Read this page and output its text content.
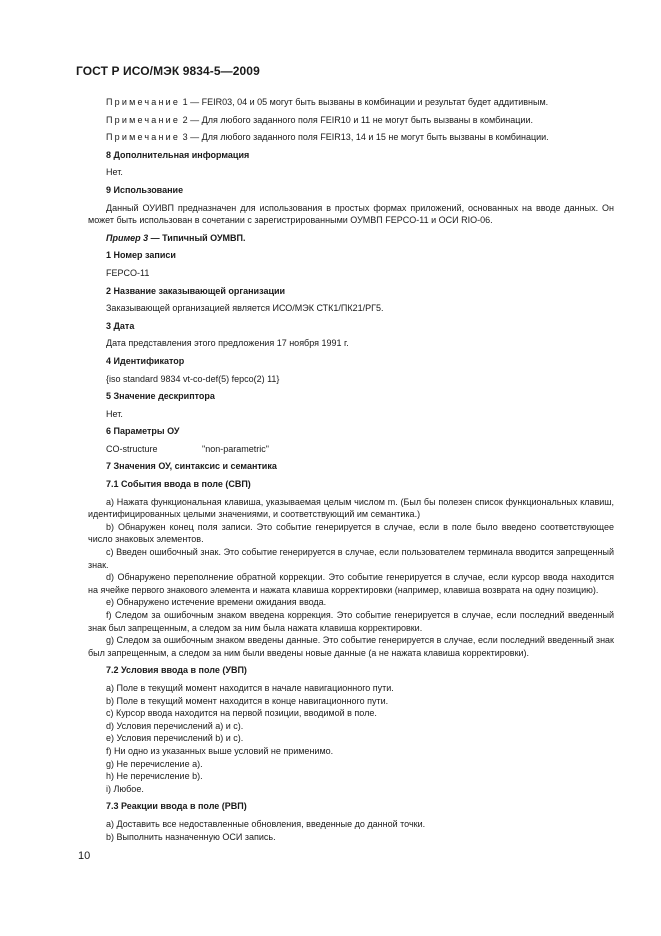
ГОСТ Р ИСО/МЭК 9834-5—2009

Примечание 1 — FEIR03, 04 и 05 могут быть вызваны в комбинации и результат будет аддитивным.

Примечание 2 — Для любого заданного поля FEIR10 и 11 не могут быть вызваны в комбинации.

Примечание 3 — Для любого заданного поля FEIR13, 14 и 15 не могут быть вызваны в комбинации.

8 Дополнительная информация

Нет.

9 Использование

Данный ОУИВП предназначен для использования в простых формах приложений, основанных на вводе данных. Он может быть использован в сочетании с зарегистрированными ОУМВП FEPCO-11 и ОСИ RIO-06.

Пример 3 — Типичный ОУМВП.

1 Номер записи

FEPCO-11

2 Название заказывающей организации

Заказывающей организацией является ИСО/МЭК СТК1/ПК21/РГ5.

3 Дата

Дата представления этого предложения 17 ноября 1991 г.

4 Идентификатор

{iso standard 9834 vt-co-def(5) fepco(2) 11}

5 Значение дескриптора

Нет.

6 Параметры ОУ

CO-structure	"non-parametric"

7 Значения ОУ, синтаксис и семантика

7.1 События ввода в поле (СВП)

a) Нажата функциональная клавиша, указываемая целым числом m. (Был бы полезен список функциональных клавиш, идентифицированных целыми значениями, и соответствующий им семантика.)

b) Обнаружен конец поля записи. Это событие генерируется в случае, если в поле было введено соответствующее число знаковых элементов.

c) Введен ошибочный знак. Это событие генерируется в случае, если пользователем терминала вводится запрещенный знак.

d) Обнаружено переполнение обратной коррекции. Это событие генерируется в случае, если курсор ввода находится на ячейке первого знакового элемента и нажата клавиша корректировки (например, клавиша возврата на одну позицию).

e) Обнаружено истечение времени ожидания ввода.

f) Следом за ошибочным знаком введена коррекция. Это событие генерируется в случае, если последний введенный знак был запрещенным, а следом за ним была нажата клавиша корректировки.

g) Следом за ошибочным знаком введены данные. Это событие генерируется в случае, если последний введенный знак был запрещенным, а следом за ним были введены новые данные (а не нажата клавиша корректировки).

7.2 Условия ввода в поле (УВП)

a) Поле в текущий момент находится в начале навигационного пути.

b) Поле в текущий момент находится в конце навигационного пути.

c) Курсор ввода находится на первой позиции, вводимой в поле.

d) Условия перечислений a) и c).

e) Условия перечислений b) и c).

f) Ни одно из указанных выше условий не применимо.

g) Не перечисление a).

h) Не перечисление b).

i) Любое.

7.3 Реакции ввода в поле (РВП)

a) Доставить все недоставленные обновления, введенные до данной точки.

b) Выполнить назначенную ОСИ запись.

10
